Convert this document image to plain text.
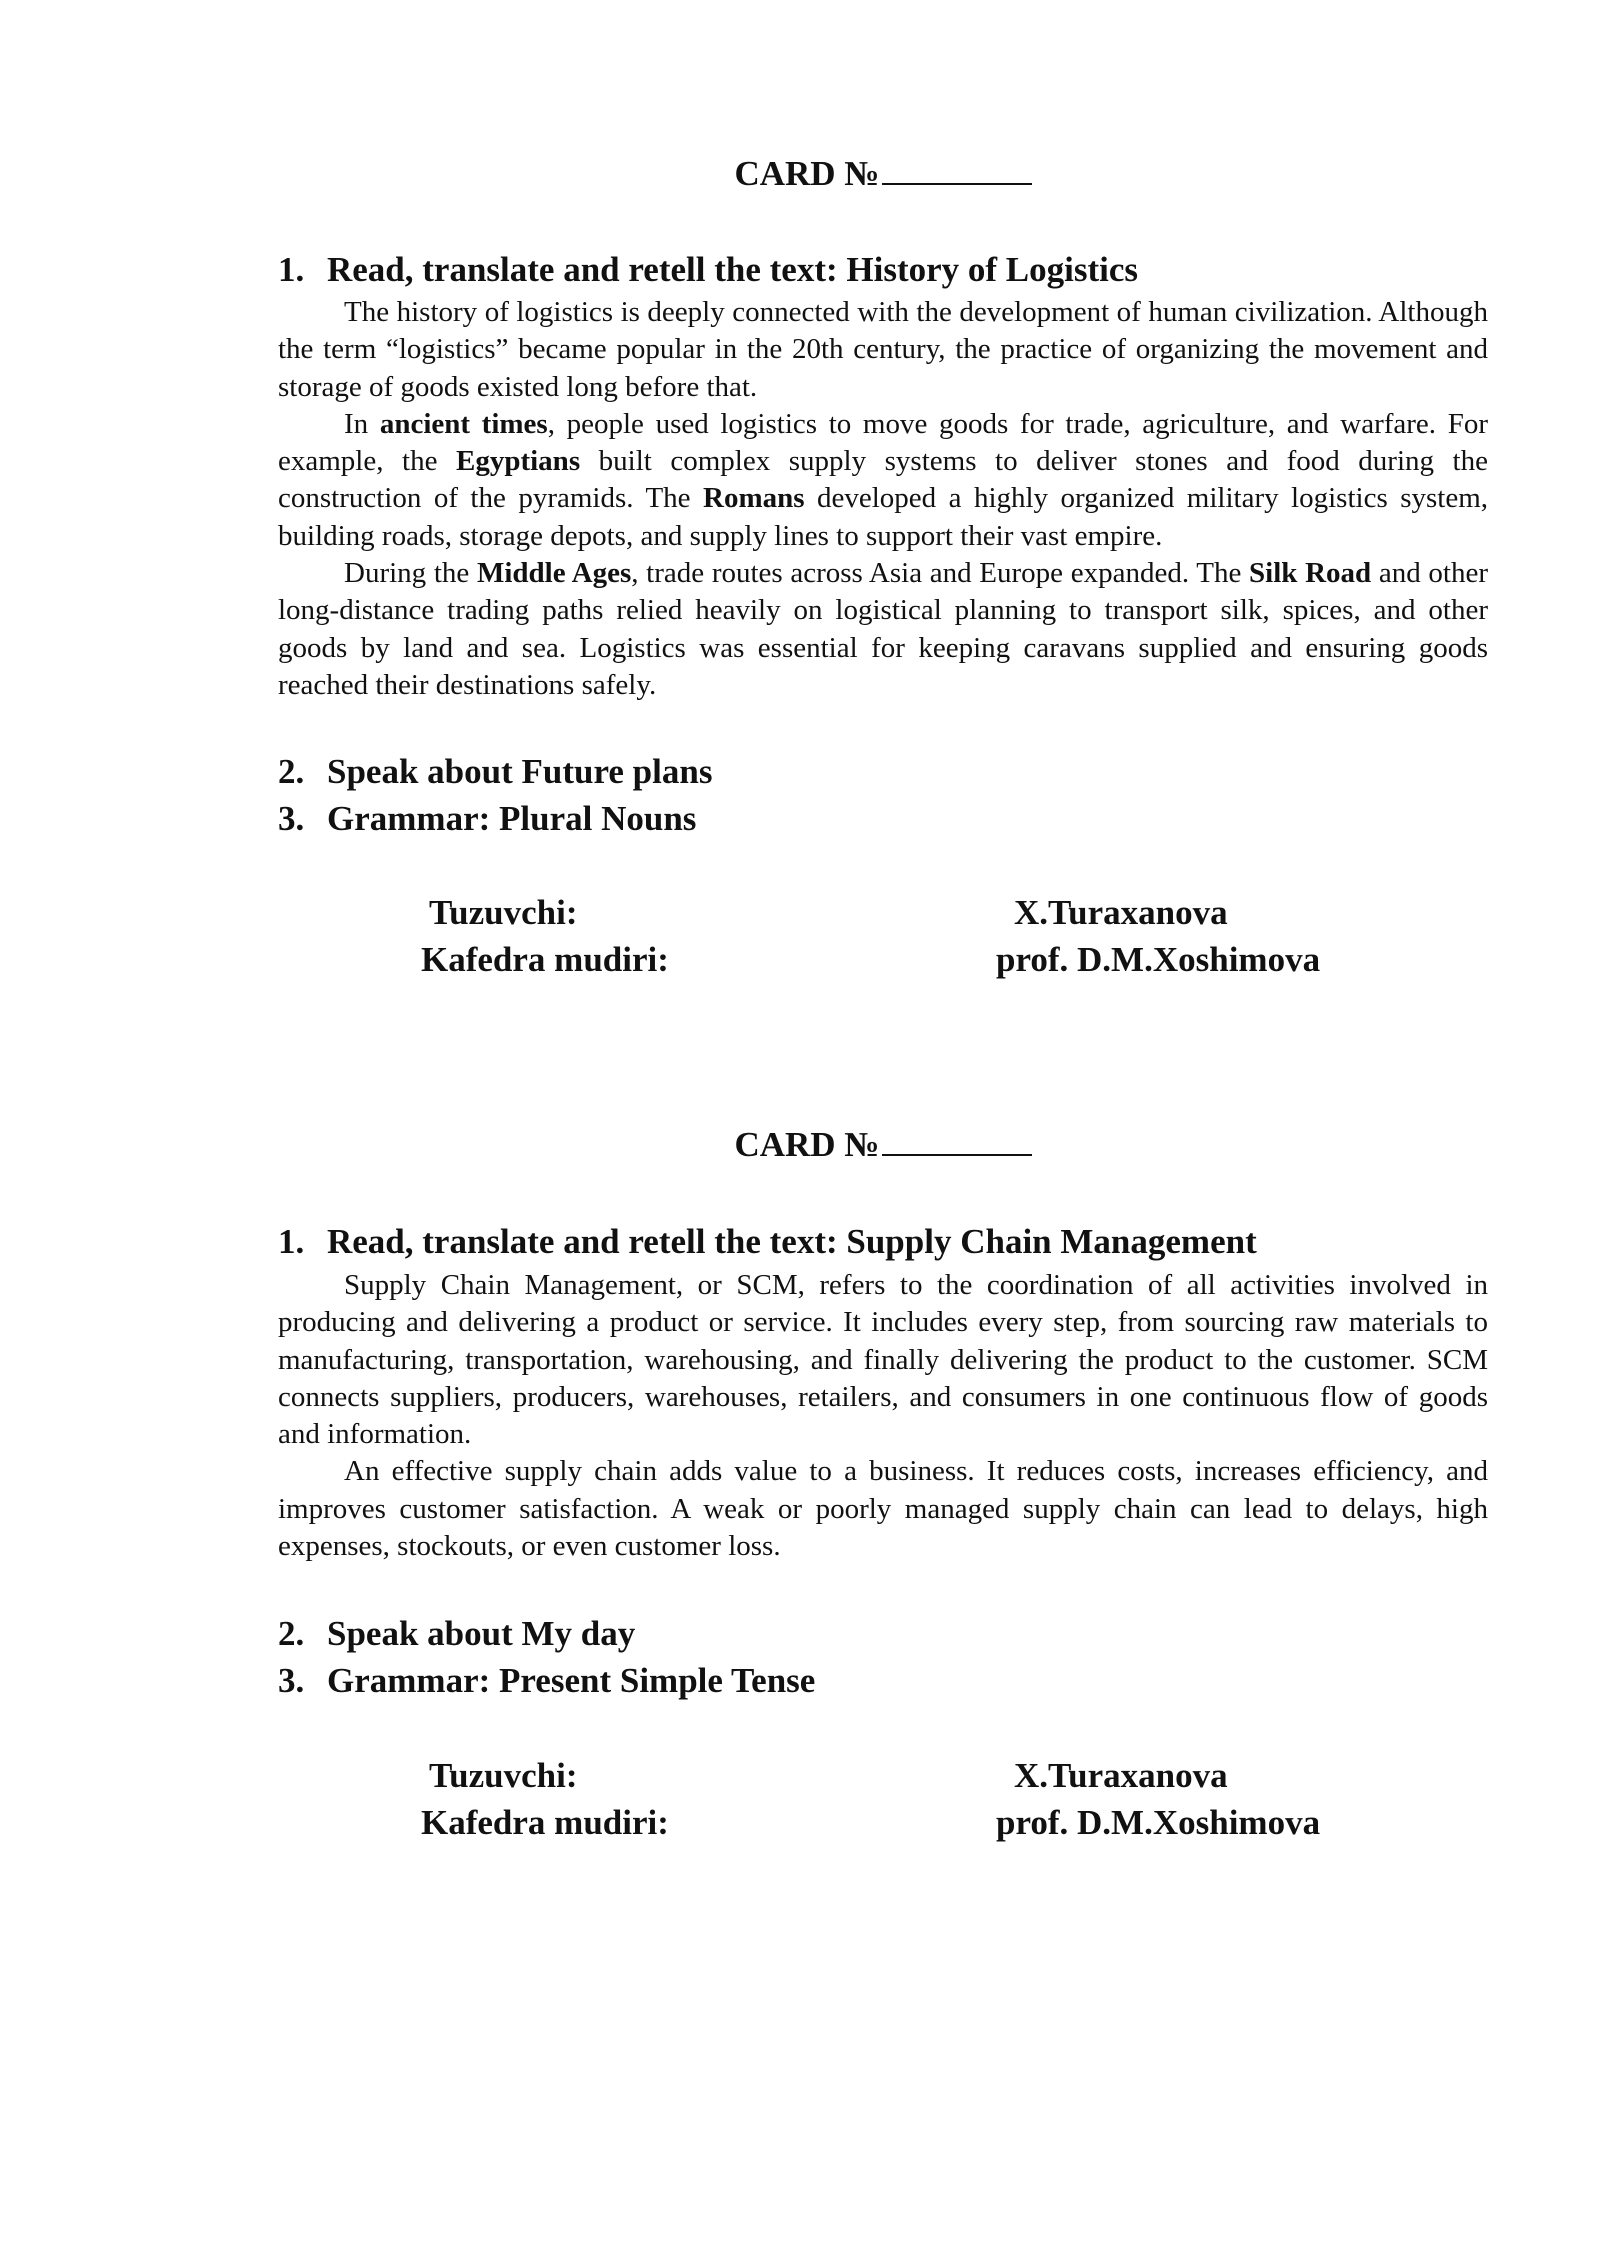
CARD №
1. Read, translate and retell the text: History of Logistics

The history of logistics is deeply connected with the development of human civilization. Although the term “logistics” became popular in the 20th century, the practice of organizing the movement and storage of goods existed long before that.

In ancient times, people used logistics to move goods for trade, agriculture, and warfare. For example, the Egyptians built complex supply systems to deliver stones and food during the construction of the pyramids. The Romans developed a highly organized military logistics system, building roads, storage depots, and supply lines to support their vast empire.

During the Middle Ages, trade routes across Asia and Europe expanded. The Silk Road and other long-distance trading paths relied heavily on logistical planning to transport silk, spices, and other goods by land and sea. Logistics was essential for keeping caravans supplied and ensuring goods reached their destinations safely.

2. Speak about Future plans
3. Grammar: Plural Nouns
Tuzuvchi:	X.Turaxanova
Kafedra mudiri:	prof. D.M.Xoshimova
CARD №
1. Read, translate and retell the text: Supply Chain Management

Supply Chain Management, or SCM, refers to the coordination of all activities involved in producing and delivering a product or service. It includes every step, from sourcing raw materials to manufacturing, transportation, warehousing, and finally delivering the product to the customer. SCM connects suppliers, producers, warehouses, retailers, and consumers in one continuous flow of goods and information.

An effective supply chain adds value to a business. It reduces costs, increases efficiency, and improves customer satisfaction. A weak or poorly managed supply chain can lead to delays, high expenses, stockouts, or even customer loss.

2. Speak about My day
3. Grammar: Present Simple Tense
Tuzuvchi:	X.Turaxanova
Kafedra mudiri:	prof. D.M.Xoshimova
